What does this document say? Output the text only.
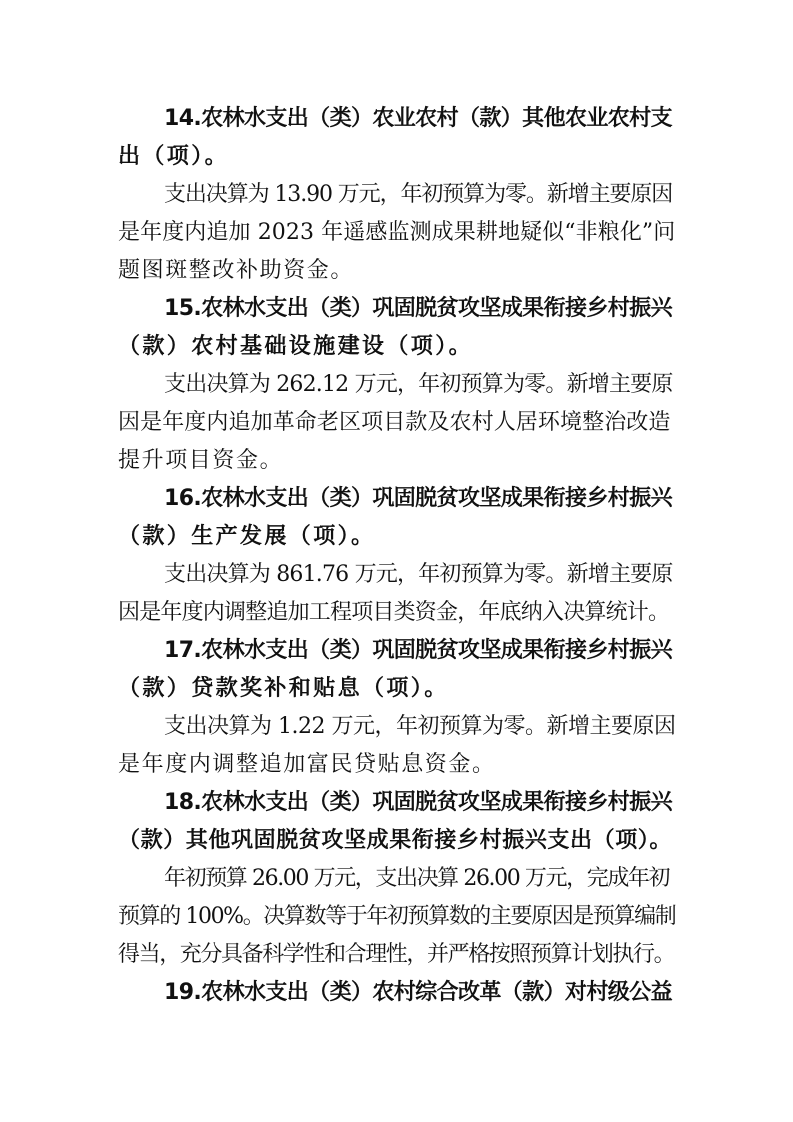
14.农林水支出（类）农业农村（款）其他农业农村支
出（项）。
支出决算为 13.90 万元，年初预算为零。新增主要原因
是年度内追加 2023 年遥感监测成果耕地疑似“非粮化”问
题图斑整改补助资金。
15.农林水支出（类）巩固脱贫攻坚成果衔接乡村振兴
（款）农村基础设施建设（项）。
支出决算为 262.12 万元，年初预算为零。新增主要原
因是年度内追加革命老区项目款及农村人居环境整治改造
提升项目资金。
16.农林水支出（类）巩固脱贫攻坚成果衔接乡村振兴
（款）生产发展（项）。
支出决算为 861.76 万元，年初预算为零。新增主要原
因是年度内调整追加工程项目类资金，年底纳入决算统计。
17.农林水支出（类）巩固脱贫攻坚成果衔接乡村振兴
（款）贷款奖补和贴息（项）。
支出决算为 1.22 万元，年初预算为零。新增主要原因
是年度内调整追加富民贷贴息资金。
18.农林水支出（类）巩固脱贫攻坚成果衔接乡村振兴
（款）其他巩固脱贫攻坚成果衔接乡村振兴支出（项）。
年初预算 26.00 万元，支出决算 26.00 万元，完成年初
预算的 100%。决算数等于年初预算数的主要原因是预算编制
得当，充分具备科学性和合理性，并严格按照预算计划执行。
19.农林水支出（类）农村综合改革（款）对村级公益
